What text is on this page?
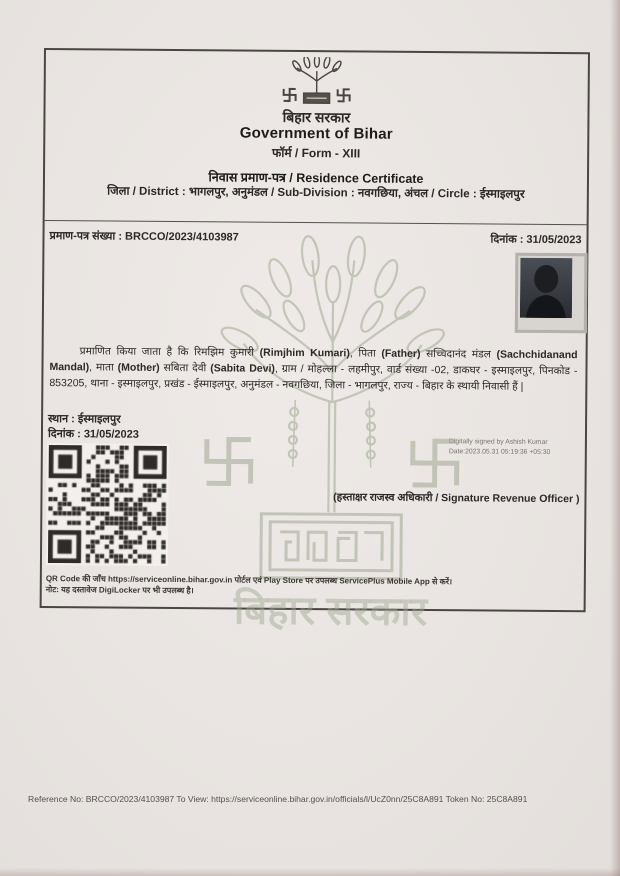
बिहार सरकार
बिहार सरकार
Government of Bihar
फॉर्म / Form - XIII
निवास प्रमाण-पत्र / Residence Certificate
जिला / District : भागलपुर, अनुमंडल / Sub-Division : नवगछिया, अंचल / Circle : ईस्माइलपुर
प्रमाण-पत्र संख्या : BRCCO/2023/4103987	दिनांक : 31/05/2023
प्रमाणित किया जाता है कि रिमझिम कुमारी (Rimjhim Kumari), पिता (Father) सच्चिदानंद मंडल (Sachchidanand Mandal), माता (Mother) सबिता देवी (Sabita Devi), ग्राम / मोहल्ला - लहमीपुर, वार्ड संख्या -02, डाकघर - इस्माइलपुर, पिनकोड - 853205, थाना - इस्माइलपुर, प्रखंड - ईस्माइलपुर, अनुमंडल - नवगछिया, जिला - भागलपुर, राज्य - बिहार के स्थायी निवासी हैं |
स्थान : ईस्माइलपुर
दिनांक : 31/05/2023
Digitally signed by Ashish Kumar
Date:2023.05.31 05:19:36 +05:30
(हस्ताक्षर राजस्व अधिकारी / Signature Revenue Officer )
QR Code की जाँच https://serviceonline.bihar.gov.in पोर्टल एवं Play Store पर उपलब्ध ServicePlus Mobile App से करें।
नोट: यह दस्तावेज DigiLocker पर भी उपलब्ध है।
Reference No: BRCCO/2023/4103987 To View: https://serviceonline.bihar.gov.in/officials/l/UcZ0nn/25C8A891 Token No: 25C8A891
